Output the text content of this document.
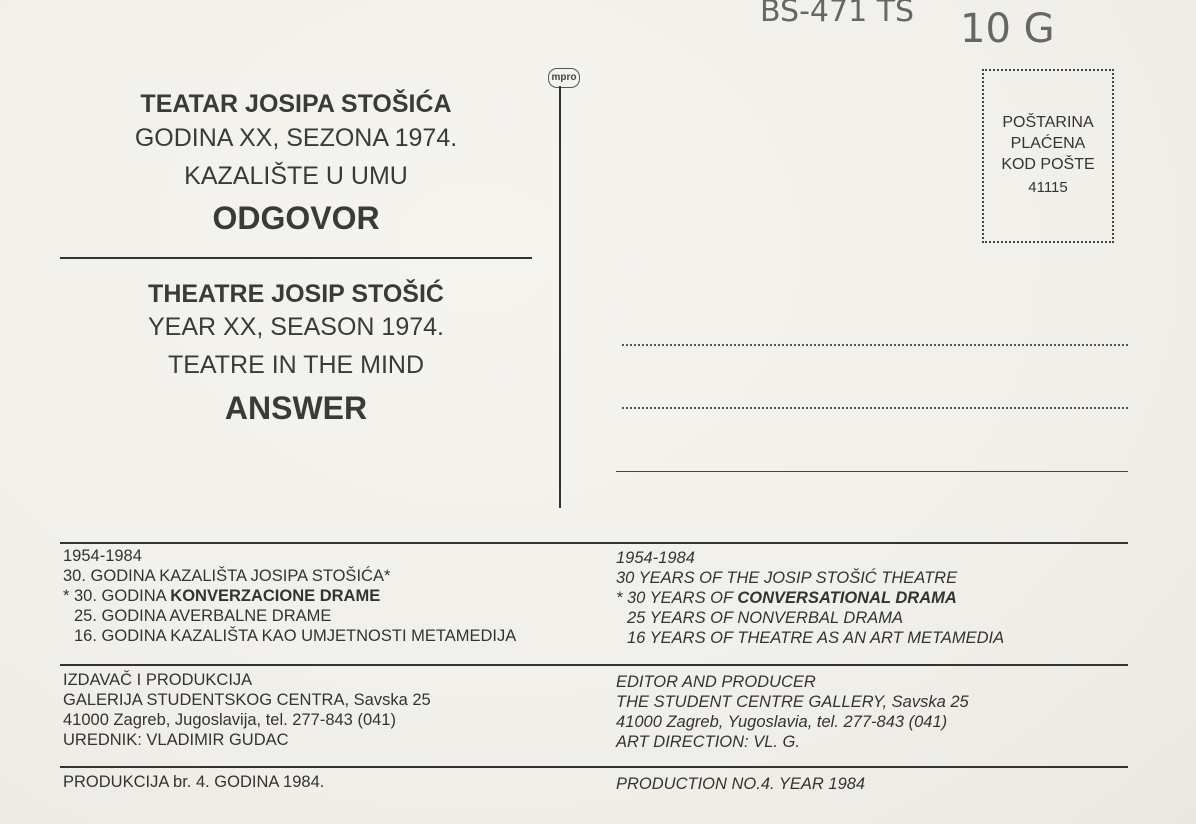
BS-471 TS 10 G
TEATAR JOSIPA STOŠIĆA
GODINA XX, SEZONA 1974.
KAZALIŠTE U UMU
ODGOVOR
THEATRE JOSIP STOŠIĆ
YEAR XX, SEASON 1974.
TEATRE IN THE MIND
ANSWER
mpro
POŠTARINA
PLAĆENA
KOD POŠTE
41115
1954-1984
30. GODINA KAZALIŠTA JOSIPA STOŠIĆA*
* 30. GODINA KONVERZACIONE DRAME
25. GODINA AVERBALNE DRAME
16. GODINA KAZALIŠTA KAO UMJETNOSTI METAMEDIJA
1954-1984
30 YEARS OF THE JOSIP STOŠIĆ THEATRE
* 30 YEARS OF CONVERSATIONAL DRAMA
25 YEARS OF NONVERBAL DRAMA
16 YEARS OF THEATRE AS AN ART METAMEDIA
IZDAVAČ I PRODUKCIJA
GALERIJA STUDENTSKOG CENTRA, Savska 25
41000 Zagreb, Jugoslavija, tel. 277-843 (041)
UREDNIK: VLADIMIR GUDAC
EDITOR AND PRODUCER
THE STUDENT CENTRE GALLERY, Savska 25
41000 Zagreb, Yugoslavia, tel. 277-843 (041)
ART DIRECTION: VL. G.
PRODUKCIJA br. 4. GODINA 1984.	PRODUCTION NO.4. YEAR 1984
